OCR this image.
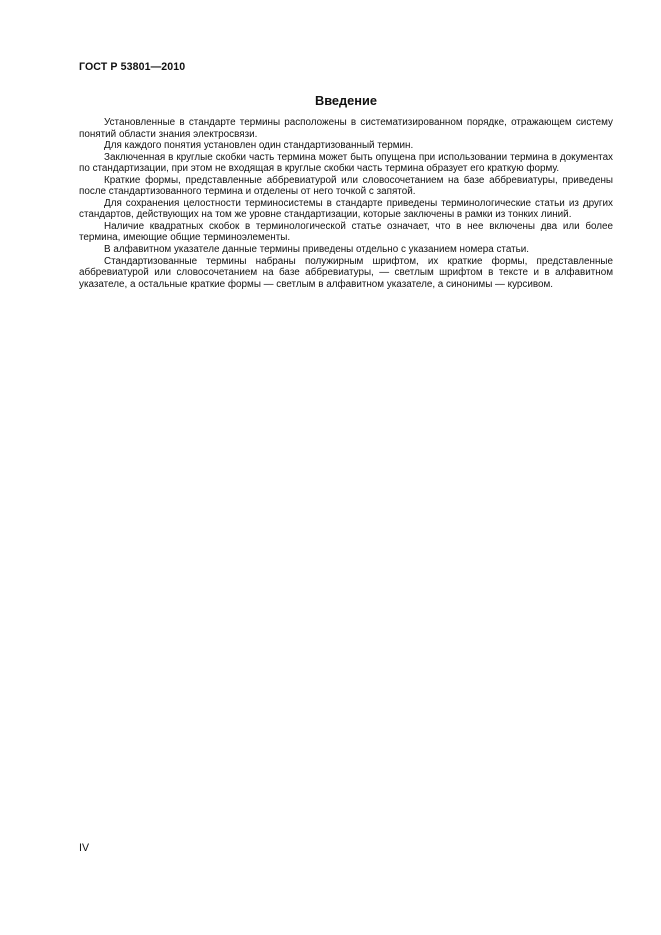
ГОСТ Р 53801—2010
Введение

Установленные в стандарте термины расположены в систематизированном порядке, отражающем систему понятий области знания электросвязи.

Для каждого понятия установлен один стандартизованный термин.

Заключенная в круглые скобки часть термина может быть опущена при использовании термина в документах по стандартизации, при этом не входящая в круглые скобки часть термина образует его краткую форму.

Краткие формы, представленные аббревиатурой или словосочетанием на базе аббревиатуры, приведены после стандартизованного термина и отделены от него точкой с запятой.

Для сохранения целостности терминосистемы в стандарте приведены терминологические статьи из других стандартов, действующих на том же уровне стандартизации, которые заключены в рамки из тонких линий.

Наличие квадратных скобок в терминологической статье означает, что в нее включены два или более термина, имеющие общие терминоэлементы.

В алфавитном указателе данные термины приведены отдельно с указанием номера статьи.

Стандартизованные термины набраны полужирным шрифтом, их краткие формы, представленные аббревиатурой или словосочетанием на базе аббревиатуры, — светлым шрифтом в тексте и в алфавитном указателе, а остальные краткие формы — светлым в алфавитном указателе, а синонимы — курсивом.

IV
